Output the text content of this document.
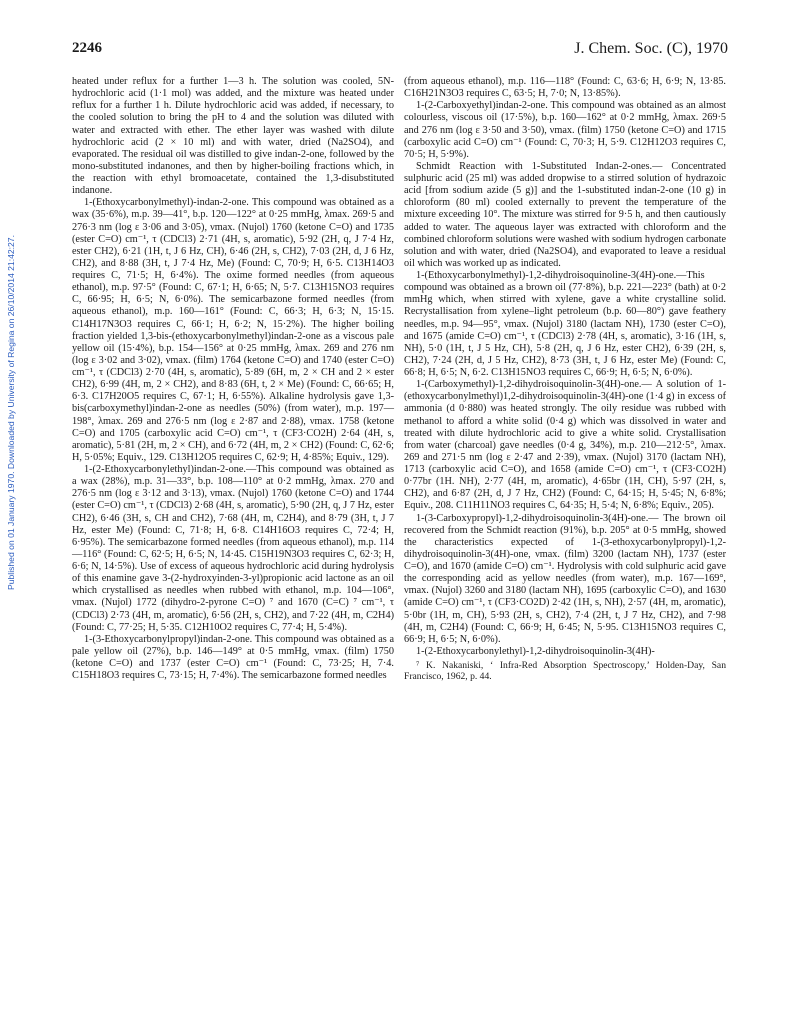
2246	J. Chem. Soc. (C), 1970
Published on 01 January 1970. Downloaded by University of Regina on 26/10/2014 21:42:27.

heated under reflux for a further 1—3 h. The solution was cooled, 5N-hydrochloric acid (1·1 mol) was added, and the mixture was heated under reflux for a further 1 h. Dilute hydrochloric acid was added, if necessary, to the cooled solution to bring the pH to 4 and the solution was diluted with water and extracted with ether. The ether layer was washed with dilute hydrochloric acid (2 × 10 ml) and with water, dried (Na2SO4), and evaporated. The residual oil was distilled to give indan-2-one, followed by the mono-substituted indanones, and then by higher-boiling fractions which, in the reaction with ethyl bromoacetate, contained the 1,3-disubstituted indanone.

1-(Ethoxycarbonylmethyl)-indan-2-one. This compound was obtained as a wax (35·6%), m.p. 39—41°, b.p. 120—122° at 0·25 mmHg, λmax. 269·5 and 276·3 nm (log ε 3·06 and 3·05), νmax. (Nujol) 1760 (ketone C=O) and 1735 (ester C=O) cm⁻¹, τ (CDCl3) 2·71 (4H, s, aromatic), 5·92 (2H, q, J 7·4 Hz, ester CH2), 6·21 (1H, t, J 6 Hz, CH), 6·46 (2H, s, CH2), 7·03 (2H, d, J 6 Hz, CH2), and 8·88 (3H, t, J 7·4 Hz, Me) (Found: C, 70·9; H, 6·5. C13H14O3 requires C, 71·5; H, 6·4%). The oxime formed needles (from aqueous ethanol), m.p. 97·5° (Found: C, 67·1; H, 6·65; N, 5·7. C13H15NO3 requires C, 66·95; H, 6·5; N, 6·0%). The semicarbazone formed needles (from aqueous ethanol), m.p. 160—161° (Found: C, 66·3; H, 6·3; N, 15·15. C14H17N3O3 requires C, 66·1; H, 6·2; N, 15·2%). The higher boiling fraction yielded 1,3-bis-(ethoxycarbonylmethyl)indan-2-one as a viscous pale yellow oil (15·4%), b.p. 154—156° at 0·25 mmHg, λmax. 269 and 276 nm (log ε 3·02 and 3·02), νmax. (film) 1764 (ketone C=O) and 1740 (ester C=O) cm⁻¹, τ (CDCl3) 2·70 (4H, s, aromatic), 5·89 (6H, m, 2 × CH and 2 × ester CH2), 6·99 (4H, m, 2 × CH2), and 8·83 (6H, t, 2 × Me) (Found: C, 66·65; H, 6·3. C17H20O5 requires C, 67·1; H, 6·55%). Alkaline hydrolysis gave 1,3-bis(carboxymethyl)indan-2-one as needles (50%) (from water), m.p. 197—198°, λmax. 269 and 276·5 nm (log ε 2·87 and 2·88), νmax. 1758 (ketone C=O) and 1705 (carboxylic acid C=O) cm⁻¹, τ (CF3·CO2H) 2·64 (4H, s, aromatic), 5·81 (2H, m, 2 × CH), and 6·72 (4H, m, 2 × CH2) (Found: C, 62·6; H, 5·05%; Equiv., 129. C13H12O5 requires C, 62·9; H, 4·85%; Equiv., 129).

1-(2-Ethoxycarbonylethyl)indan-2-one.—This compound was obtained as a wax (28%), m.p. 31—33°, b.p. 108—110° at 0·2 mmHg, λmax. 270 and 276·5 nm (log ε 3·12 and 3·13), νmax. (Nujol) 1760 (ketone C=O) and 1744 (ester C=O) cm⁻¹, τ (CDCl3) 2·68 (4H, s, aromatic), 5·90 (2H, q, J 7 Hz, ester CH2), 6·46 (3H, s, CH and CH2), 7·68 (4H, m, C2H4), and 8·79 (3H, t, J 7 Hz, ester Me) (Found: C, 71·8; H, 6·8. C14H16O3 requires C, 72·4; H, 6·95%). The semicarbazone formed needles (from aqueous ethanol), m.p. 114—116° (Found: C, 62·5; H, 6·5; N, 14·45. C15H19N3O3 requires C, 62·3; H, 6·6; N, 14·5%). Use of excess of aqueous hydrochloric acid during hydrolysis of this enamine gave 3-(2-hydroxyinden-3-yl)propionic acid lactone as an oil which crystallised as needles when rubbed with ethanol, m.p. 104—106°, νmax. (Nujol) 1772 (dihydro-2-pyrone C=O) ⁷ and 1670 (C=C) ⁷ cm⁻¹, τ (CDCl3) 2·73 (4H, m, aromatic), 6·56 (2H, s, CH2), and 7·22 (4H, m, C2H4) (Found: C, 77·25; H, 5·35. C12H10O2 requires C, 77·4; H, 5·4%).

1-(3-Ethoxycarbonylpropyl)indan-2-one. This compound was obtained as a pale yellow oil (27%), b.p. 146—149° at 0·5 mmHg, νmax. (film) 1750 (ketone C=O) and 1737 (ester C=O) cm⁻¹ (Found: C, 73·25; H, 7·4. C15H18O3 requires C, 73·15; H, 7·4%). The semicarbazone formed needles

(from aqueous ethanol), m.p. 116—118° (Found: C, 63·6; H, 6·9; N, 13·85. C16H21N3O3 requires C, 63·5; H, 7·0; N, 13·85%).

1-(2-Carboxyethyl)indan-2-one. This compound was obtained as an almost colourless, viscous oil (17·5%), b.p. 160—162° at 0·2 mmHg, λmax. 269·5 and 276 nm (log ε 3·50 and 3·50), νmax. (film) 1750 (ketone C=O) and 1715 (carboxylic acid C=O) cm⁻¹ (Found: C, 70·3; H, 5·9. C12H12O3 requires C, 70·5; H, 5·9%).

Schmidt Reaction with 1-Substituted Indan-2-ones.— Concentrated sulphuric acid (25 ml) was added dropwise to a stirred solution of hydrazoic acid [from sodium azide (5 g)] and the 1-substituted indan-2-one (10 g) in chloroform (80 ml) cooled externally to prevent the temperature of the mixture exceeding 10°. The mixture was stirred for 9·5 h, and then cautiously added to water. The aqueous layer was extracted with chloroform and the combined chloroform solutions were washed with sodium hydrogen carbonate solution and with water, dried (Na2SO4), and evaporated to leave a residual oil which was worked up as indicated.

1-(Ethoxycarbonylmethyl)-1,2-dihydroisoquinoline-3(4H)-one.—This compound was obtained as a brown oil (77·8%), b.p. 221—223° (bath) at 0·2 mmHg which, when stirred with xylene, gave a white crystalline solid. Recrystallisation from xylene–light petroleum (b.p. 60—80°) gave feathery needles, m.p. 94—95°, νmax. (Nujol) 3180 (lactam NH), 1730 (ester C=O), and 1675 (amide C=O) cm⁻¹, τ (CDCl3) 2·78 (4H, s, aromatic), 3·16 (1H, s, NH), 5·0 (1H, t, J 5 Hz, CH), 5·8 (2H, q, J 6 Hz, ester CH2), 6·39 (2H, s, CH2), 7·24 (2H, d, J 5 Hz, CH2), 8·73 (3H, t, J 6 Hz, ester Me) (Found: C, 66·8; H, 6·5; N, 6·2. C13H15NO3 requires C, 66·9; H, 6·5; N, 6·0%).

1-(Carboxymethyl)-1,2-dihydroisoquinolin-3(4H)-one.— A solution of 1-(ethoxycarbonylmethyl)1,2-dihydroisoquinolin-3(4H)-one (1·4 g) in excess of ammonia (d 0·880) was heated strongly. The oily residue was rubbed with methanol to afford a white solid (0·4 g) which was dissolved in water and treated with dilute hydrochloric acid to give a white solid. Crystallisation from water (charcoal) gave needles (0·4 g, 34%), m.p. 210—212·5°, λmax. 269 and 271·5 nm (log ε 2·47 and 2·39), νmax. (Nujol) 3170 (lactam NH), 1713 (carboxylic acid C=O), and 1658 (amide C=O) cm⁻¹, τ (CF3·CO2H) 0·77br (1H. NH), 2·77 (4H, m, aromatic), 4·65br (1H, CH), 5·97 (2H, s, CH2), and 6·87 (2H, d, J 7 Hz, CH2) (Found: C, 64·15; H, 5·45; N, 6·8%; Equiv., 208. C11H11NO3 requires C, 64·35; H, 5·4; N, 6·8%; Equiv., 205).

1-(3-Carboxypropyl)-1,2-dihydroisoquinolin-3(4H)-one.— The brown oil recovered from the Schmidt reaction (91%), b.p. 205° at 0·5 mmHg, showed the characteristics expected of 1-(3-ethoxycarbonylpropyl)-1,2-dihydroisoquinolin-3(4H)-one, νmax. (film) 3200 (lactam NH), 1737 (ester C=O), and 1670 (amide C=O) cm⁻¹. Hydrolysis with cold sulphuric acid gave the corresponding acid as yellow needles (from water), m.p. 167—169°, νmax. (Nujol) 3260 and 3180 (lactam NH), 1695 (carboxylic C=O), and 1630 (amide C=O) cm⁻¹, τ (CF3·CO2D) 2·42 (1H, s, NH), 2·57 (4H, m, aromatic), 5·0br (1H, m, CH), 5·93 (2H, s, CH2), 7·4 (2H, t, J 7 Hz, CH2), and 7·98 (4H, m, C2H4) (Found: C, 66·9; H, 6·45; N, 5·95. C13H15NO3 requires C, 66·9; H, 6·5; N, 6·0%).

1-(2-Ethoxycarbonylethyl)-1,2-dihydroisoquinolin-3(4H)-

⁷ K. Nakaniski, ‘ Infra-Red Absorption Spectroscopy,’ Holden-Day, San Francisco, 1962, p. 44.
